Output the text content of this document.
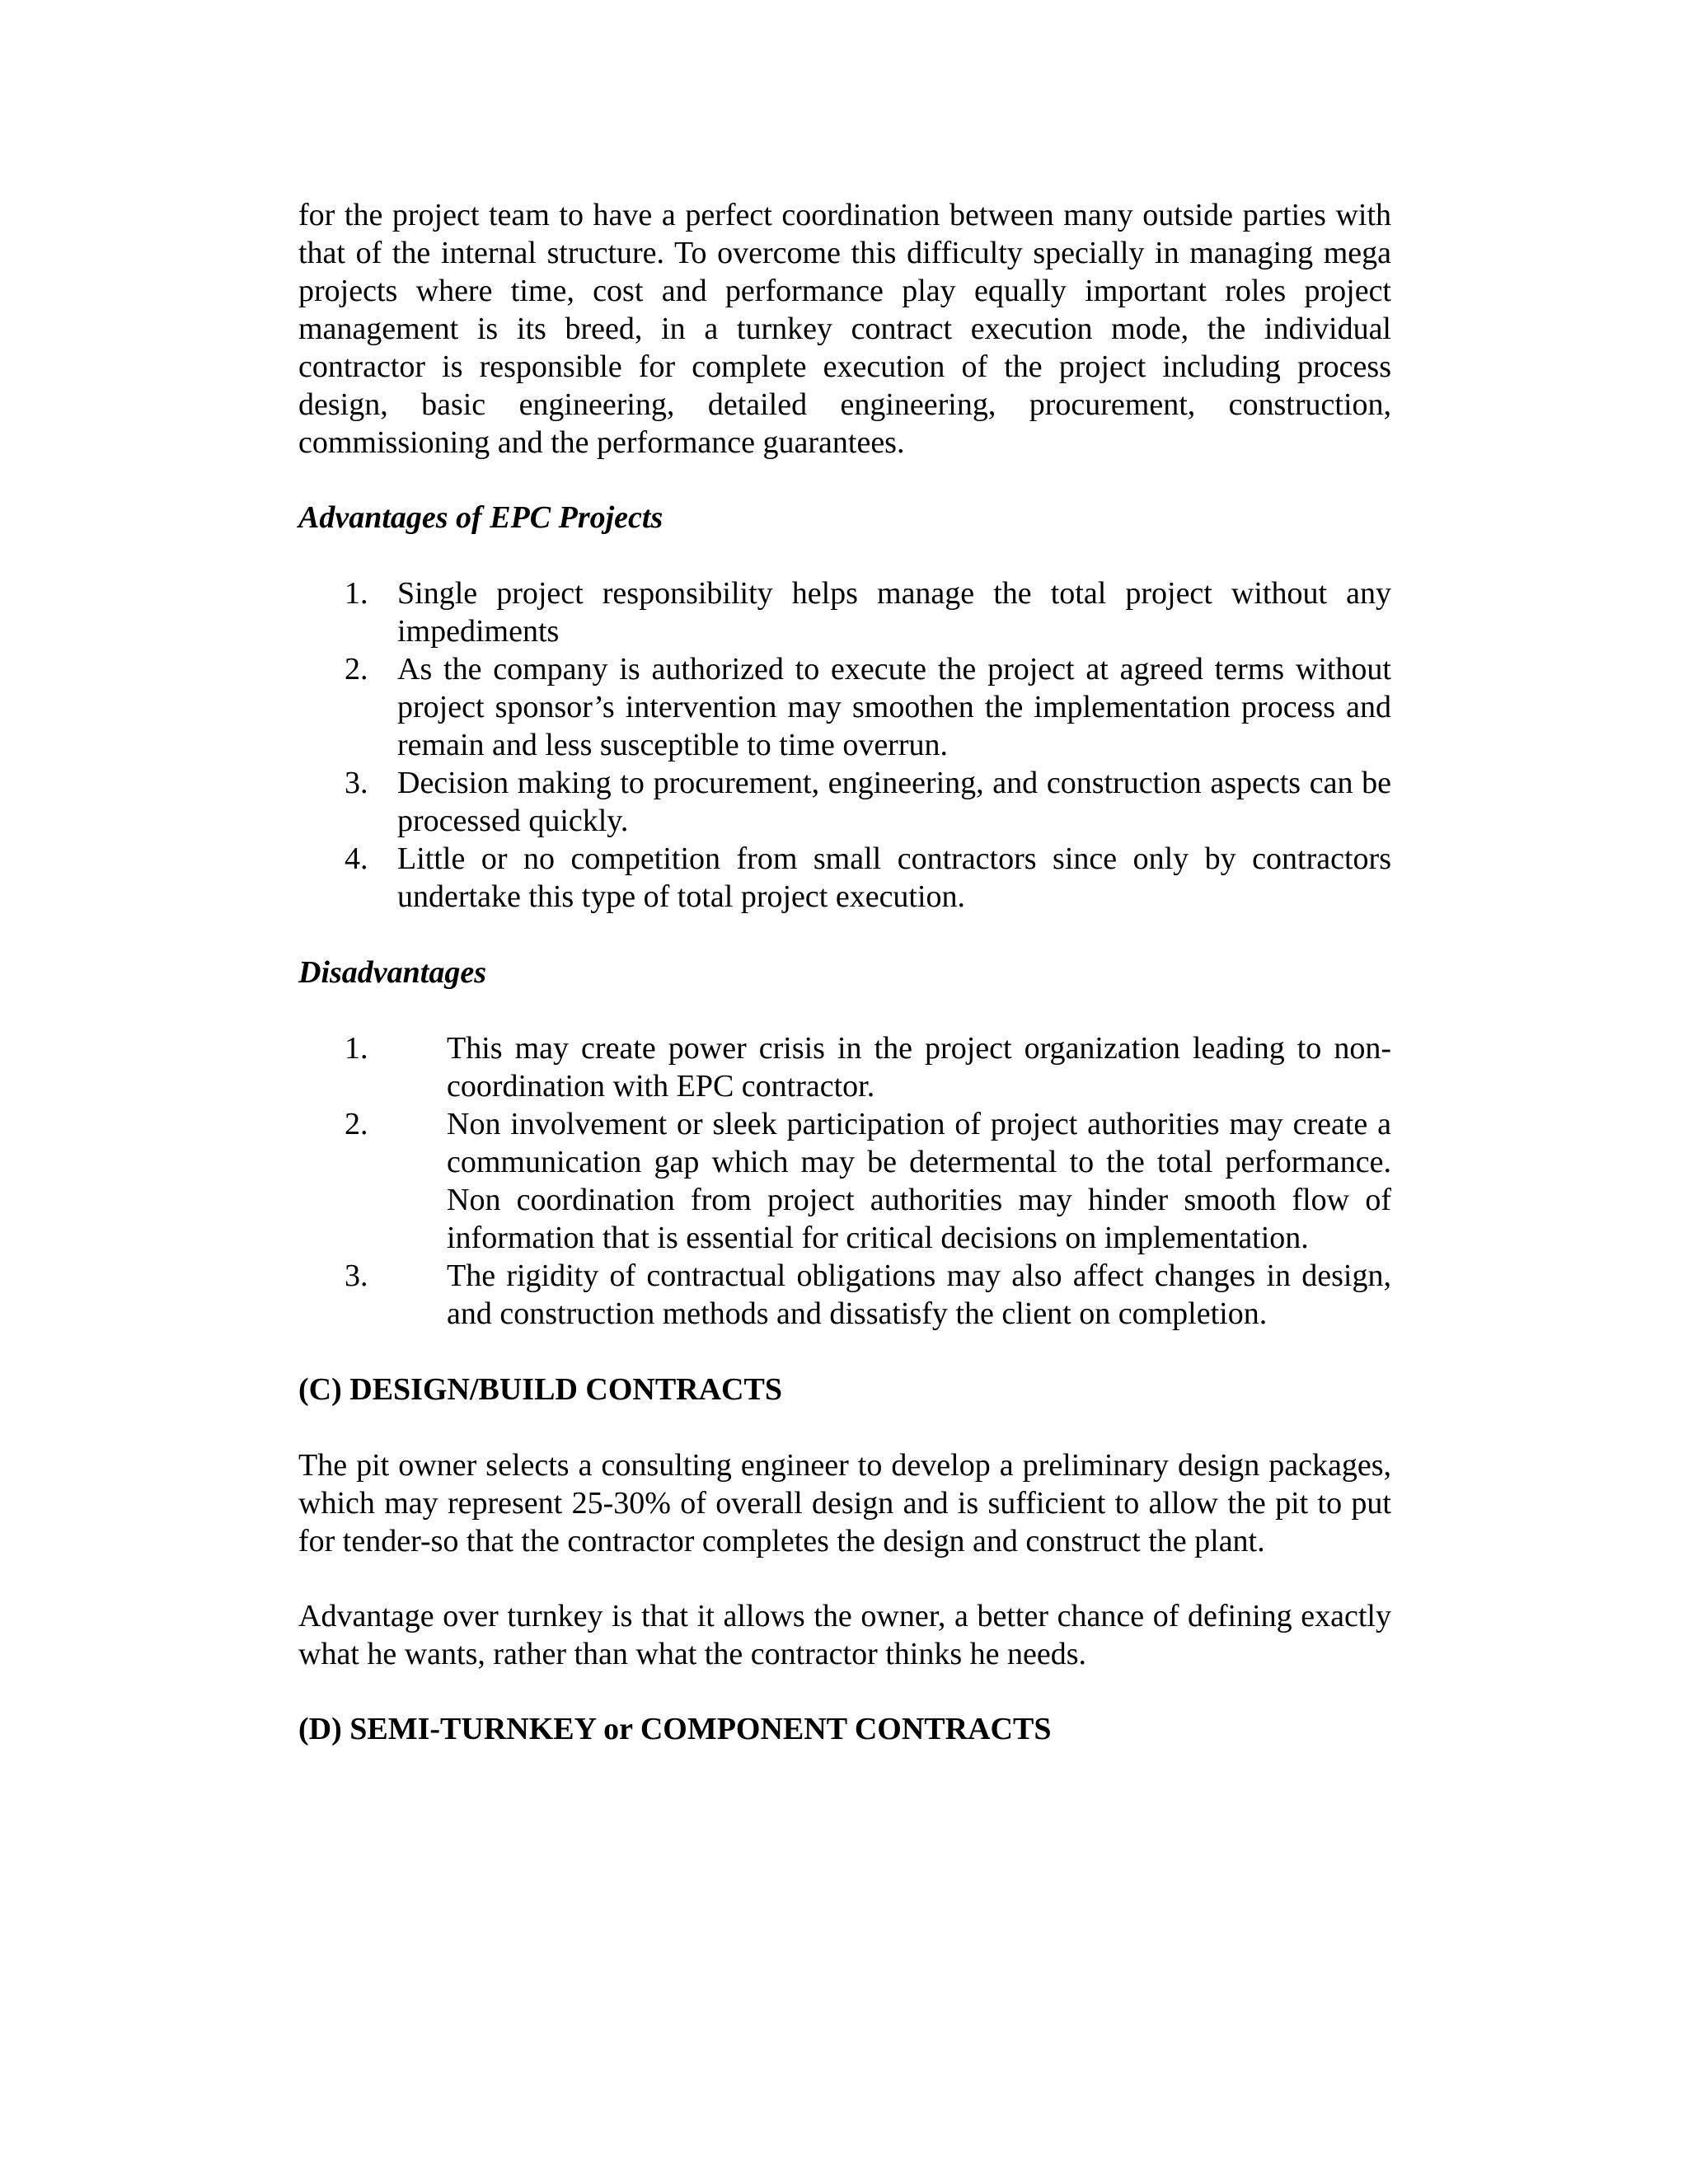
for the project team to have a perfect coordination between many outside parties with that of the internal structure. To overcome this difficulty specially in managing mega projects where time, cost and performance play equally important roles project management is its breed, in a turnkey contract execution mode, the individual contractor is responsible for complete execution of the project including process design, basic engineering, detailed engineering, procurement, construction, commissioning and the performance guarantees.

Advantages of EPC Projects
1. Single project responsibility helps manage the total project without any impediments
2. As the company is authorized to execute the project at agreed terms without project sponsor’s intervention may smoothen the implementation process and remain and less susceptible to time overrun.
3. Decision making to procurement, engineering, and construction aspects can be processed quickly.
4. Little or no competition from small contractors since only by contractors undertake this type of total project execution.
Disadvantages
1.	This may create power crisis in the project organization leading to non-coordination with EPC contractor.
2.	Non involvement or sleek participation of project authorities may create a communication gap which may be determental to the total performance. Non coordination from project authorities may hinder smooth flow of information that is essential for critical decisions on implementation.
3.	The rigidity of contractual obligations may also affect changes in design, and construction methods and dissatisfy the client on completion.
(C) DESIGN/BUILD CONTRACTS

The pit owner selects a consulting engineer to develop a preliminary design packages, which may represent 25-30% of overall design and is sufficient to allow the pit to put for tender-so that the contractor completes the design and construct the plant.

Advantage over turnkey is that it allows the owner, a better chance of defining exactly what he wants, rather than what the contractor thinks he needs.

(D) SEMI-TURNKEY or COMPONENT CONTRACTS
